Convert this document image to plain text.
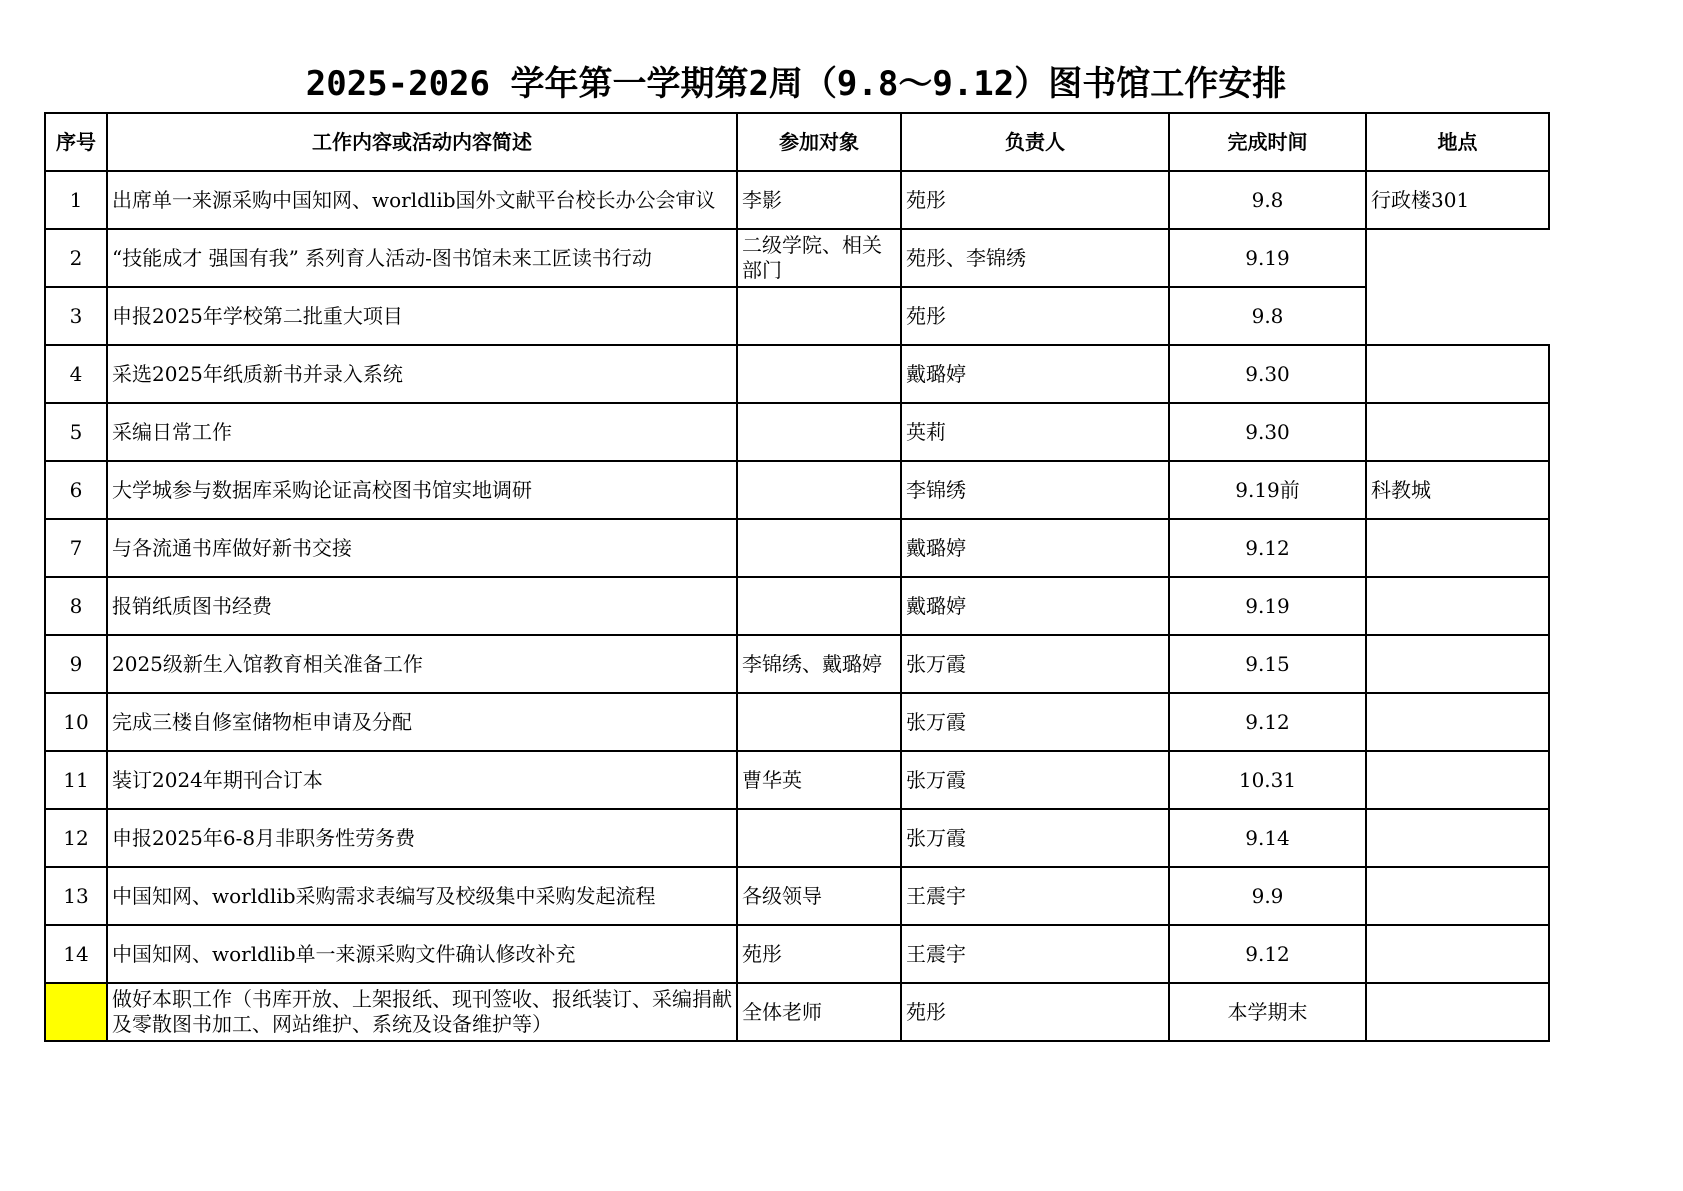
2025-2026 学年第一学期第2周（9.8～9.12）图书馆工作安排
序号	工作内容或活动内容简述	参加对象	负责人	完成时间	地点
1	出席单一来源采购中国知网、worldlib国外文献平台校长办公会审议	李影	苑彤	9.8	行政楼301
2	“技能成才 强国有我” 系列育人活动-图书馆未来工匠读书行动	二级学院、相关部门	苑彤、李锦绣	9.19	
3	申报2025年学校第二批重大项目		苑彤	9.8	
4	采选2025年纸质新书并录入系统		戴璐婷	9.30	
5	采编日常工作		英莉	9.30	
6	大学城参与数据库采购论证高校图书馆实地调研		李锦绣	9.19前	科教城
7	与各流通书库做好新书交接		戴璐婷	9.12	
8	报销纸质图书经费		戴璐婷	9.19	
9	2025级新生入馆教育相关准备工作	李锦绣、戴璐婷	张万霞	9.15	
10	完成三楼自修室储物柜申请及分配		张万霞	9.12	
11	装订2024年期刊合订本	曹华英	张万霞	10.31	
12	申报2025年6-8月非职务性劳务费		张万霞	9.14	
13	中国知网、worldlib采购需求表编写及校级集中采购发起流程	各级领导	王震宇	9.9	
14	中国知网、worldlib单一来源采购文件确认修改补充	苑彤	王震宇	9.12	
	做好本职工作（书库开放、上架报纸、现刊签收、报纸装订、采编捐献及零散图书加工、网站维护、系统及设备维护等）	全体老师	苑彤	本学期末	
